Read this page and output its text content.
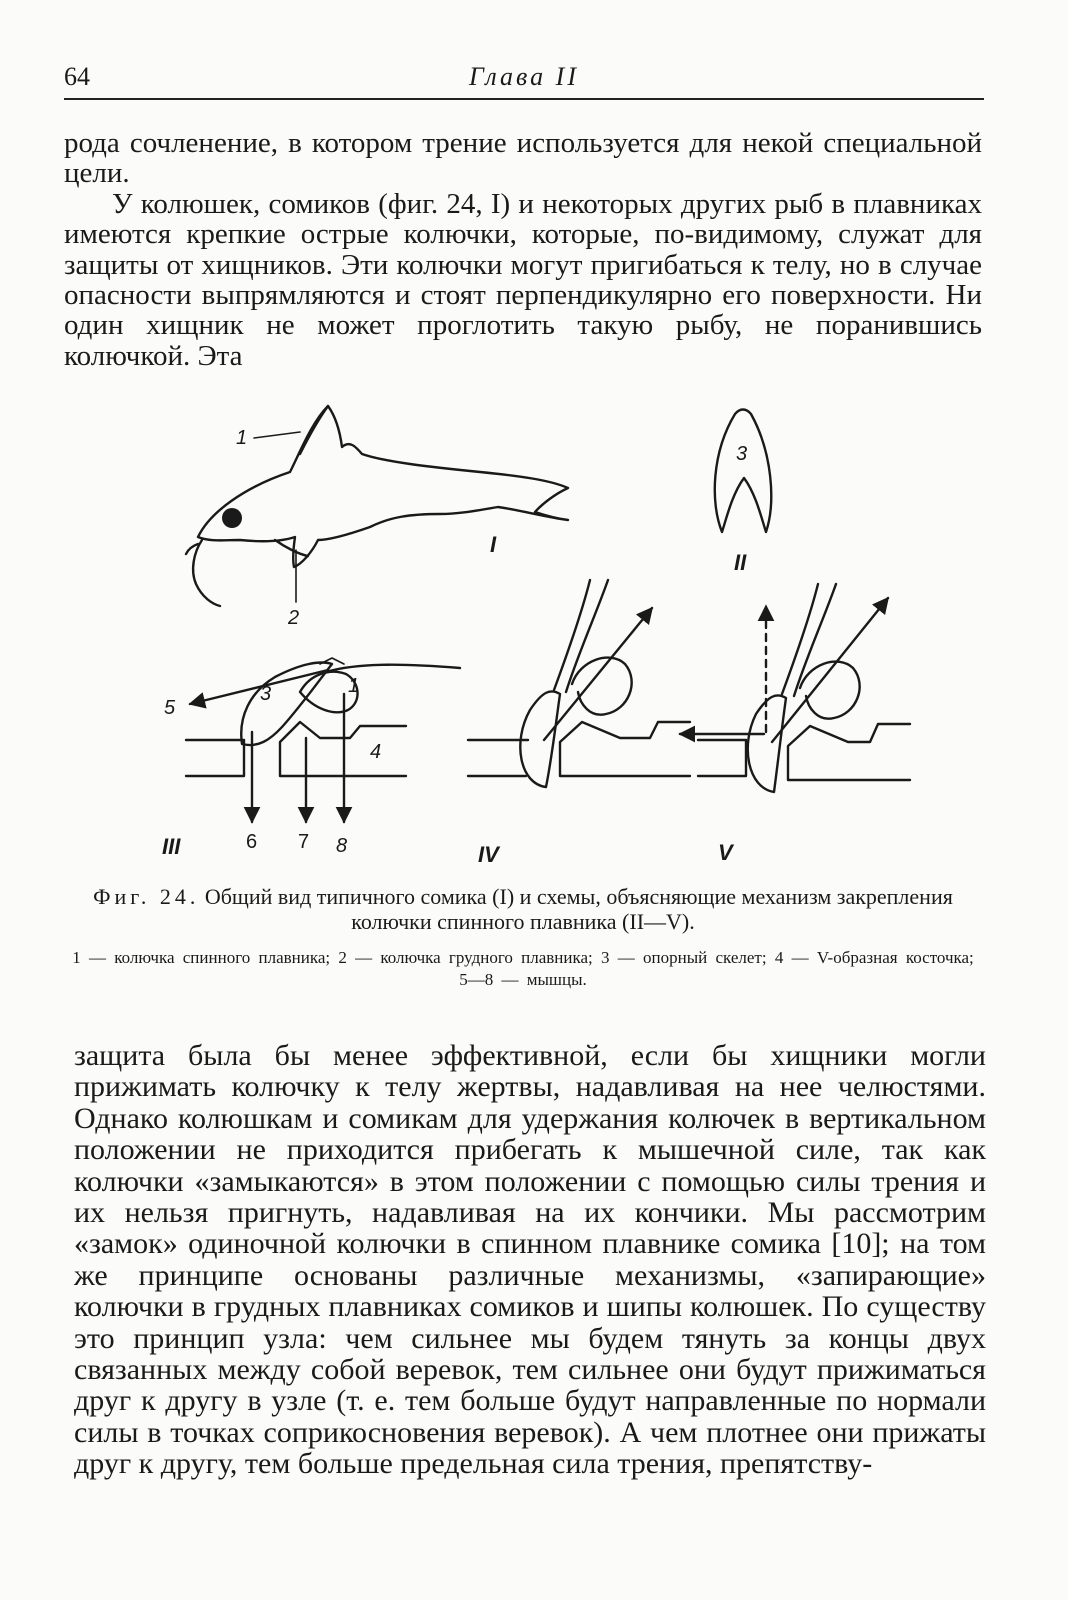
64	Глава II

рода сочленение, в котором трение используется для некой специальной цели.

У колюшек, сомиков (фиг. 24, I) и некоторых других рыб в плавниках имеются крепкие острые колючки, которые, по-видимому, служат для защиты от хищников. Эти колючки могут пригибаться к телу, но в случае опасности выпрямляются и стоят перпендикулярно его поверхности. Ни один хищник не может проглотить такую рыбу, не поранившись колючкой. Эта

1
2
I
3
II
5
3	1
4
6 7 8
III	IV	V
Фиг. 24. Общий вид типичного сомика (I) и схемы, объясняющие механизм закрепления колючки спинного плавника (II—V).
1 — колючка спинного плавника; 2 — колючка грудного плавника; 3 — опорный скелет; 4 — V-образная косточка; 5—8 — мышцы.

защита была бы менее эффективной, если бы хищники могли прижимать колючку к телу жертвы, надавливая на нее челюстями. Однако колюшкам и сомикам для удержания колючек в вертикальном положении не приходится прибегать к мышечной силе, так как колючки «замыкаются» в этом положении с помощью силы трения и их нельзя пригнуть, надавливая на их кончики. Мы рассмотрим «замок» одиночной колючки в спинном плавнике сомика [10]; на том же принципе основаны различные механизмы, «запирающие» колючки в грудных плавниках сомиков и шипы колюшек. По существу это принцип узла: чем сильнее мы будем тянуть за концы двух связанных между собой веревок, тем сильнее они будут прижиматься друг к другу в узле (т. е. тем больше будут направленные по нормали силы в точках соприкосновения веревок). А чем плотнее они прижаты друг к другу, тем больше предельная сила трения, препятству-
